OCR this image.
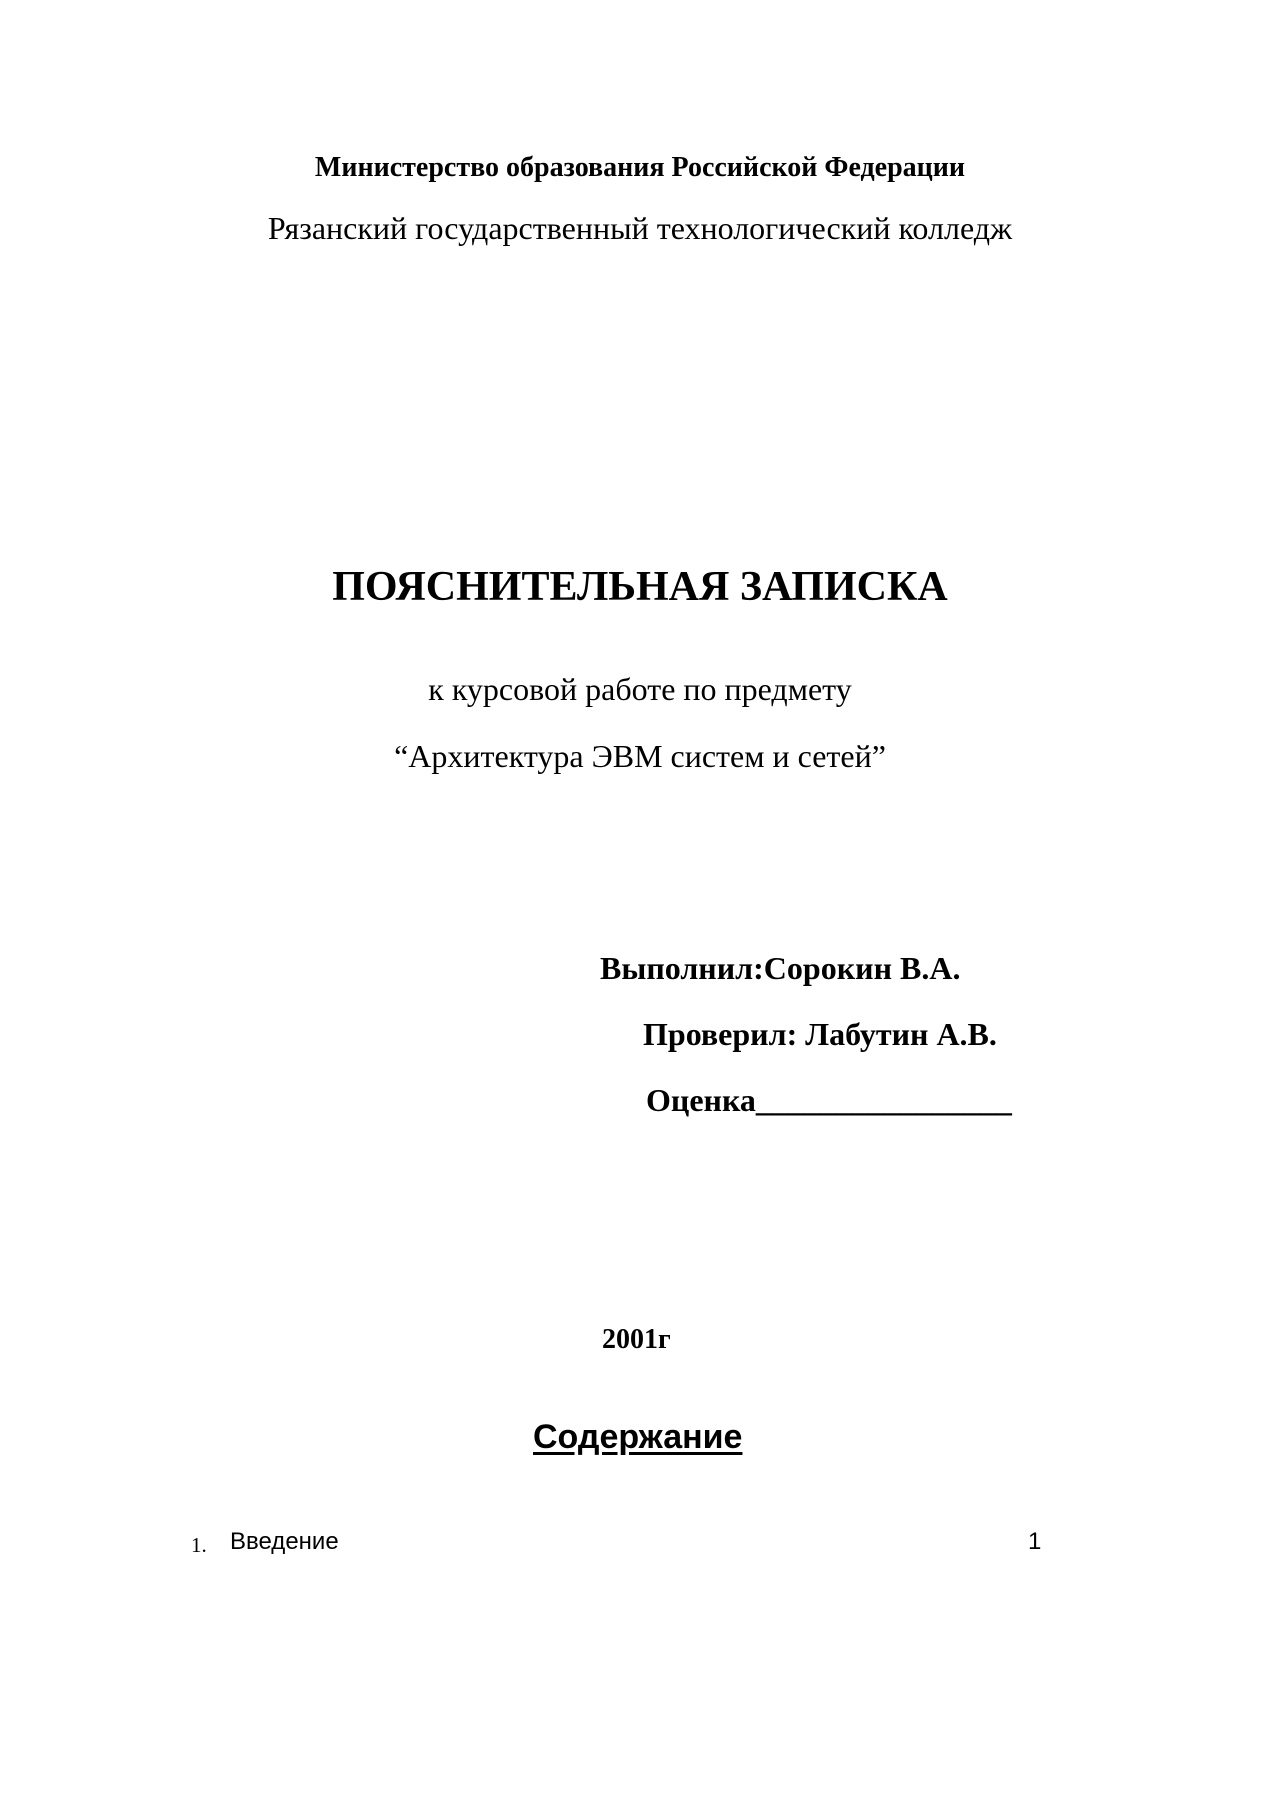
Министерство образования Российской Федерации
Рязанский государственный технологический колледж
ПОЯСНИТЕЛЬНАЯ ЗАПИСКА
к курсовой работе по предмету
“Архитектура ЭВМ систем и сетей”
Выполнил:Сорокин В.А.
Проверил: Лабутин А.В.
Оценка________________
2001г
Содержание
1. Введение	1
